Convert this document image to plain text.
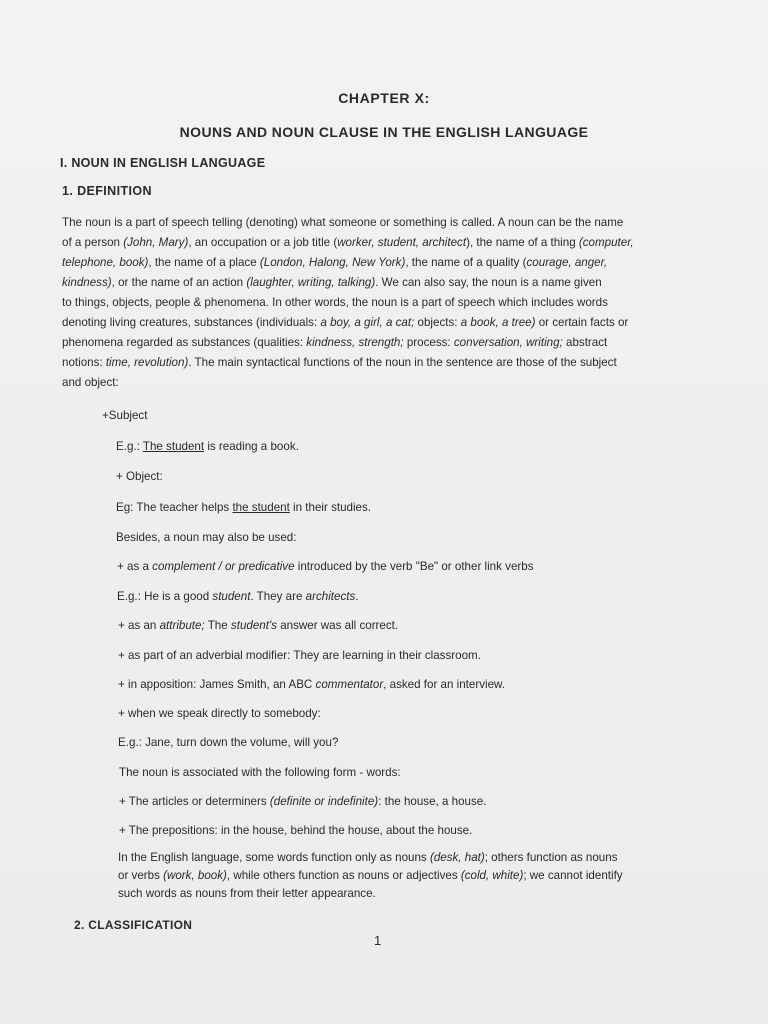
CHAPTER X:
NOUNS AND NOUN CLAUSE IN THE ENGLISH LANGUAGE
I. NOUN IN ENGLISH LANGUAGE
1. DEFINITION
The noun is a part of speech telling (denoting) what someone or something is called. A noun can be the name
of a person (John, Mary), an occupation or a job title (worker, student, architect), the name of a thing (computer,
telephone, book), the name of a place (London, Halong, New York), the name of a quality (courage, anger,
kindness), or the name of an action (laughter, writing, talking). We can also say, the noun is a name given
to things, objects, people & phenomena. In other words, the noun is a part of speech which includes words
denoting living creatures, substances (individuals: a boy, a girl, a cat; objects: a book, a tree) or certain facts or
phenomena regarded as substances (qualities: kindness, strength; process: conversation, writing; abstract
notions: time, revolution). The main syntactical functions of the noun in the sentence are those of the subject
and object:
+Subject
E.g.: The student is reading a book.
+ Object:
Eg: The teacher helps the student in their studies.
Besides, a noun may also be used:
+ as a complement / or predicative introduced by the verb "Be" or other link verbs
E.g.: He is a good student. They are architects.
+ as an attribute; The student's answer was all correct.
+ as part of an adverbial modifier: They are learning in their classroom.
+ in apposition: James Smith, an ABC commentator, asked for an interview.
+ when we speak directly to somebody:
E.g.: Jane, turn down the volume, will you?
The noun is associated with the following form - words:
+ The articles or determiners (definite or indefinite): the house, a house.
+ The prepositions: in the house, behind the house, about the house.
In the English language, some words function only as nouns (desk, hat); others function as nouns
or verbs (work, book), while others function as nouns or adjectives (cold, white); we cannot identify
such words as nouns from their letter appearance.
2. CLASSIFICATION
1
